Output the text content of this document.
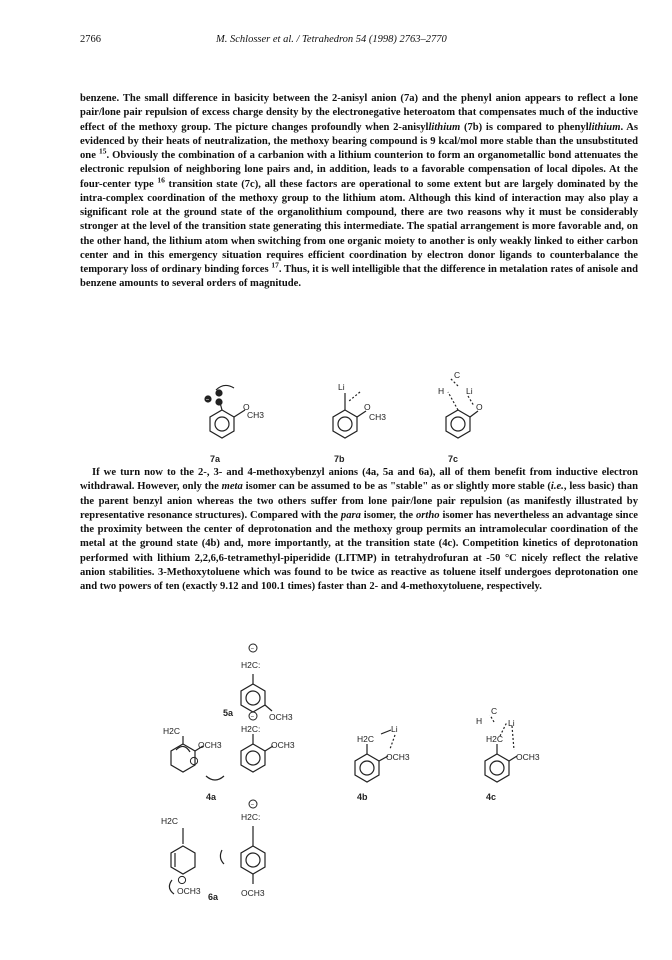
2766	M. Schlosser et al. / Tetrahedron 54 (1998) 2763–2770
benzene. The small difference in basicity between the 2-anisyl anion (7a) and the phenyl anion appears to reflect a lone pair/lone pair repulsion of excess charge density by the electronegative heteroatom that compensates much of the inductive effect of the methoxy group. The picture changes profoundly when 2-anisyllithium (7b) is compared to phenyllithium. As evidenced by their heats of neutralization, the methoxy bearing compound is 9 kcal/mol more stable than the unsubstituted one $^{15}$. Obviously the combination of a carbanion with a lithium counterion to form an organometallic bond attenuates the electronic repulsion of neighboring lone pairs and, in addition, leads to a favorable compensation of local dipoles. At the four-center type $^{16}$ transition state (7c), all these factors are operational to some extent but are largely dominated by the intra-complex coordination of the methoxy group to the lithium atom. Although this kind of interaction may also play a significant role at the ground state of the organolithium compound, there are two reasons why it must be considerably stronger at the level of the transition state generating this intermediate. The spatial arrangement is more favorable and, on the other hand, the lithium atom when switching from one organic moiety to another is only weakly linked to either carbon center and in this emergency situation requires efficient coordination by electron donor ligands to counterbalance the temporary loss of ordinary binding forces $^{17}$. Thus, it is well intelligible that the difference in metalation rates of anisole and benzene amounts to several orders of magnitude.
−
O
CH3
7a
Li
O
CH3
7b
C
H	Li
O
7c
If we turn now to the 2-, 3- and 4-methoxybenzyl anions (4a, 5a and 6a), all of them benefit from inductive electron withdrawal. However, only the meta isomer can be assumed to be as "stable" as or slightly more stable (i.e., less basic) than the parent benzyl anion whereas the two others suffer from lone pair/lone pair repulsion (as manifestly illustrated by representative resonance structures). Compared with the para isomer, the ortho isomer has nevertheless an advantage since the proximity between the center of deprotonation and the methoxy group permits an intramolecular coordination of the metal at the ground state (4b) and, more importantly, at the transition state (4c). Competition kinetics of deprotonation performed with lithium 2,2,6,6-tetramethyl-piperidide (LITMP) in tetrahydrofuran at -50 °C nicely reflect the relative anion stabilities. 3-Methoxytoluene which was found to be twice as reactive as toluene itself undergoes deprotonation one and two powers of ten (exactly 9.12 and 100.1 times) faster than 2- and 4-methoxytoluene, respectively.
−
H2C:
OCH3
5a
H2C
OCH3
−
H2C:
OCH3
4a
H2C
Li
OCH3
4b
C
H	Li
H2C
OCH3
4c
H2C
OCH3
−
H2C:
OCH3
6a
